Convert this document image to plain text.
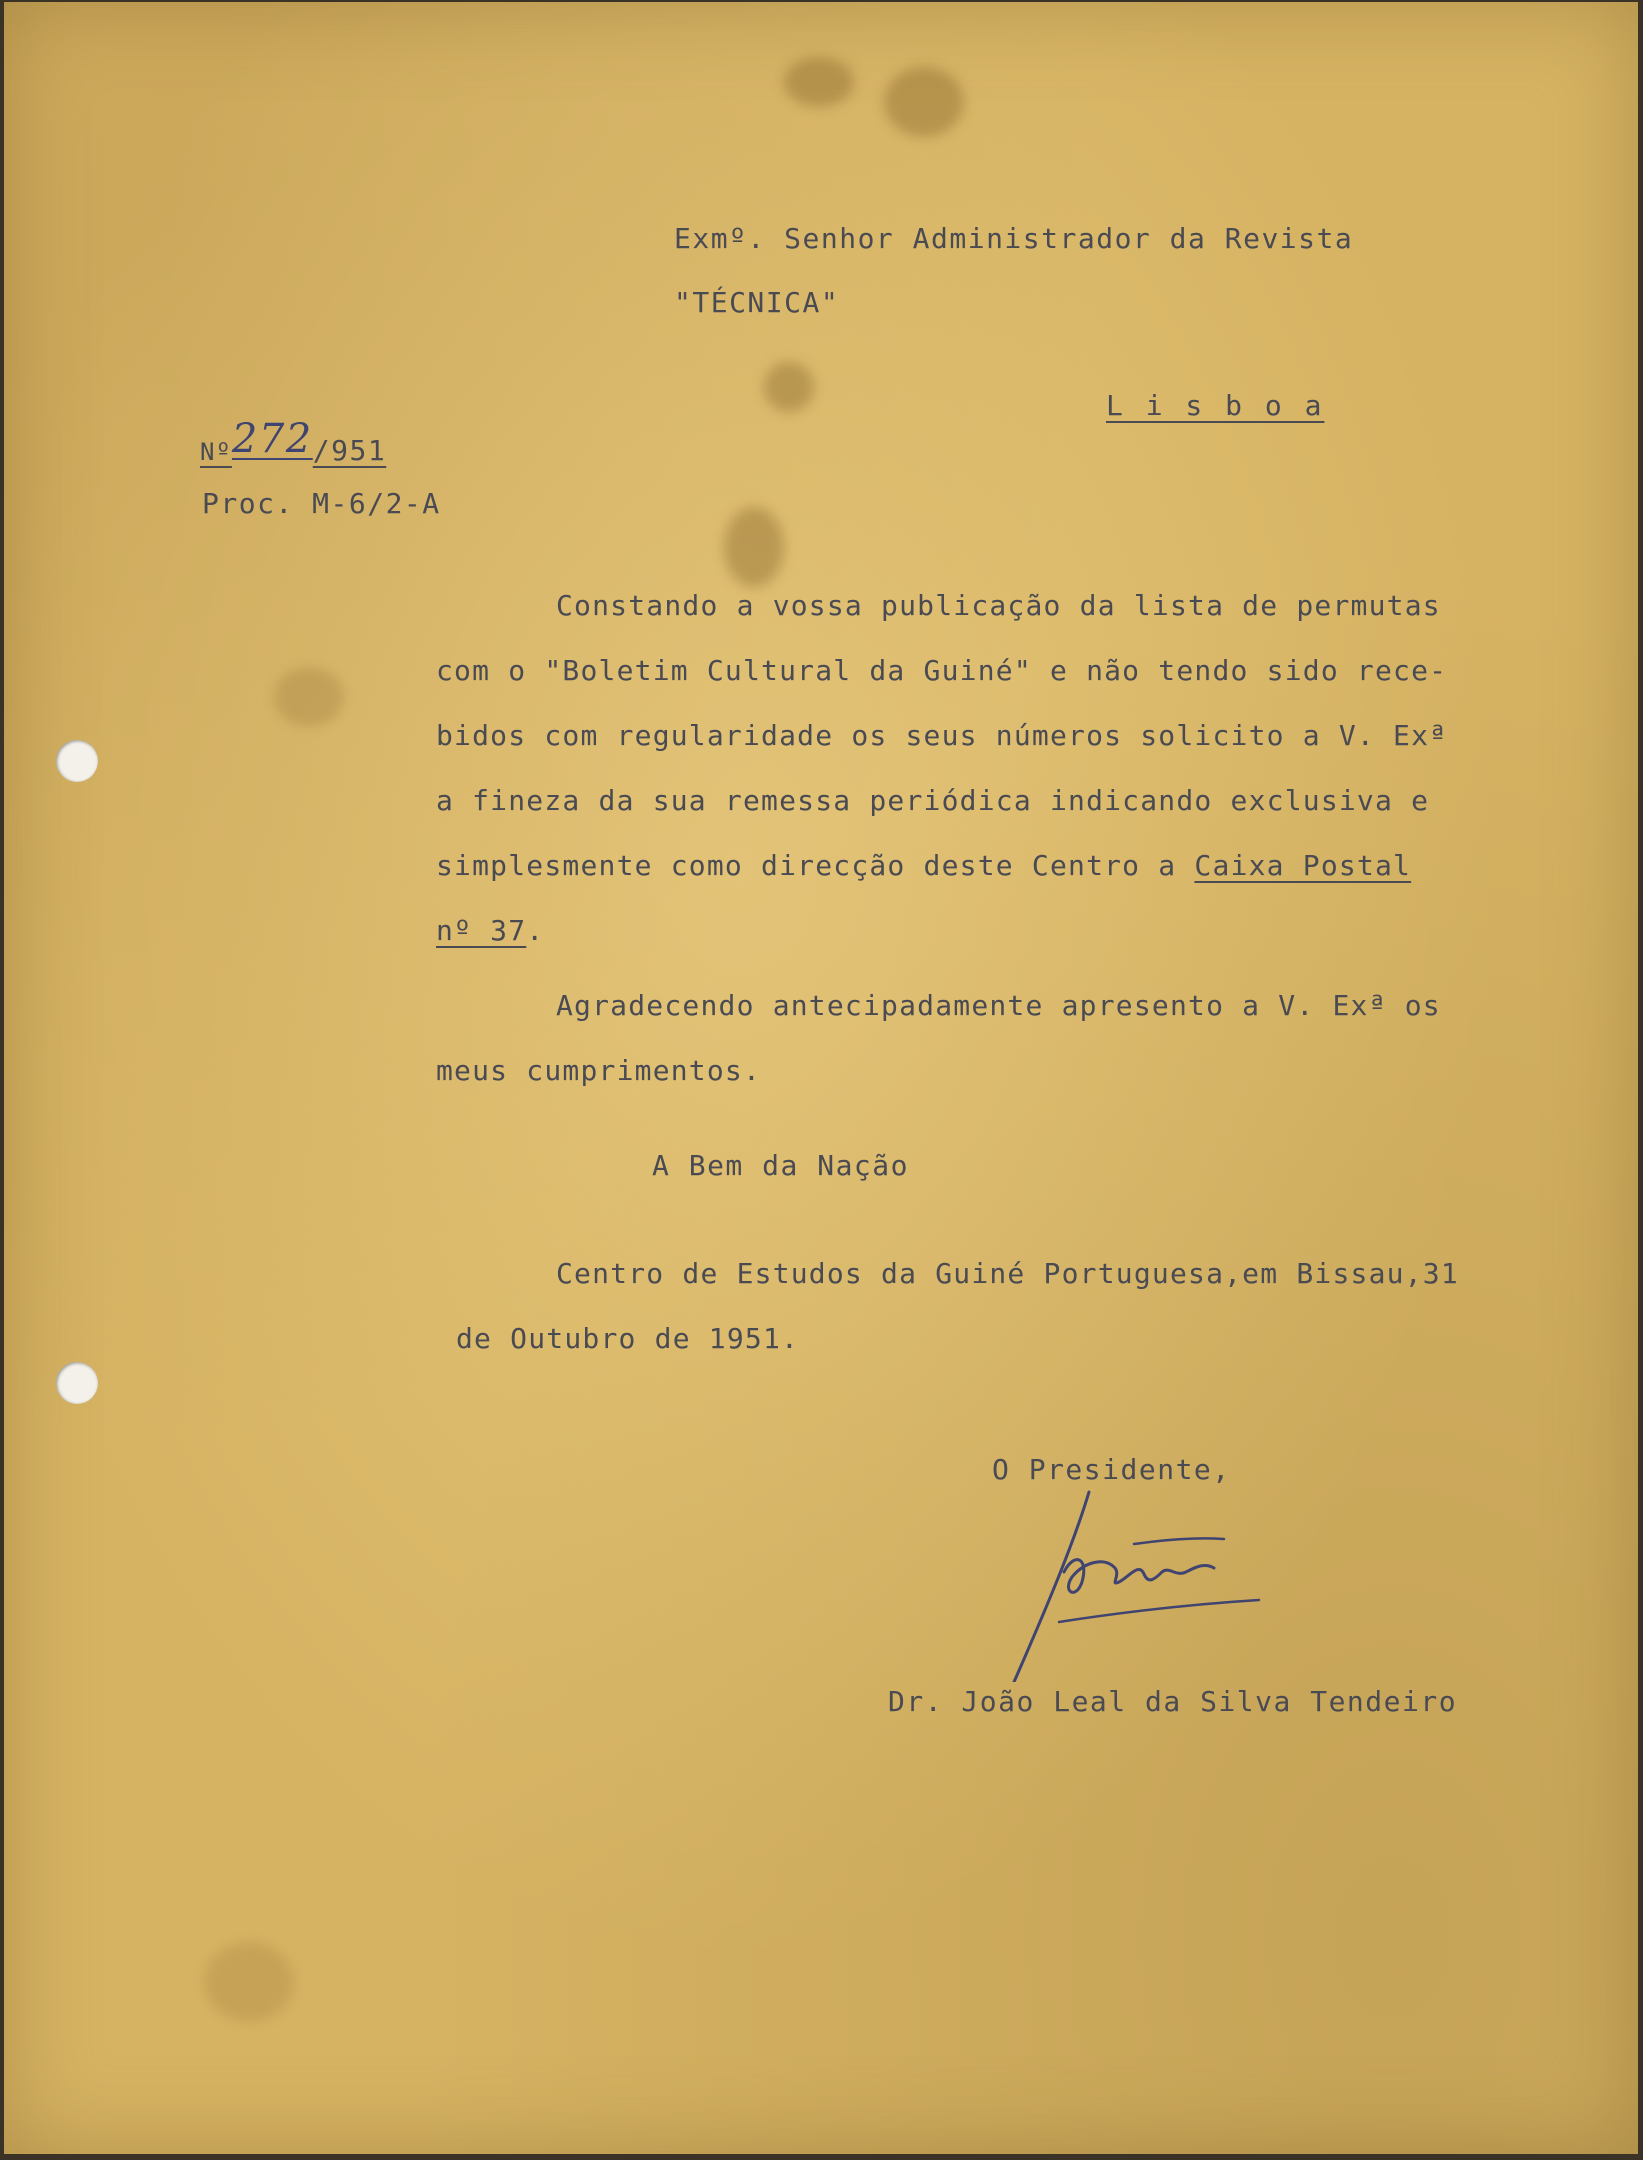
Exmº. Senhor Administrador da Revista
"TÉCNICA"
L i s b o a
Nº272/951
Proc. M-6/2-A
Constando a vossa publicação da lista de permutas
com o "Boletim Cultural da Guiné" e não tendo sido rece-
bidos com regularidade os seus números solicito a V. Exª
a fineza da sua remessa periódica indicando exclusiva e
simplesmente como direcção deste Centro a Caixa Postal
nº 37.
Agradecendo antecipadamente apresento a V. Exª os
meus cumprimentos.
A Bem da Nação
Centro de Estudos da Guiné Portuguesa,em Bissau,31
de Outubro de 1951.
O Presidente,
Dr. João Leal da Silva Tendeiro
